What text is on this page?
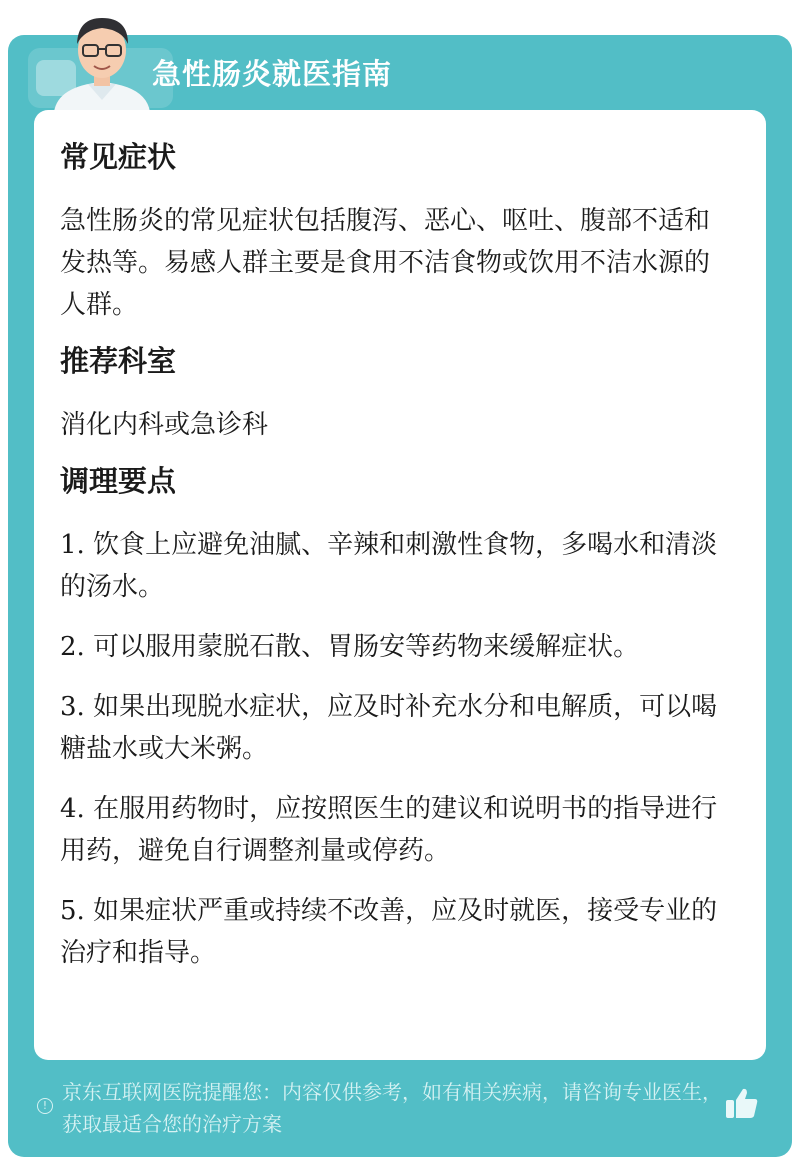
急性肠炎就医指南

常见症状

急性肠炎的常见症状包括腹泻、恶心、呕吐、腹部不适和发热等。易感人群主要是食用不洁食物或饮用不洁水源的人群。

推荐科室

消化内科或急诊科

调理要点

1. 饮食上应避免油腻、辛辣和刺激性食物，多喝水和清淡的汤水。

2. 可以服用蒙脱石散、胃肠安等药物来缓解症状。

3. 如果出现脱水症状，应及时补充水分和电解质，可以喝糖盐水或大米粥。

4. 在服用药物时，应按照医生的建议和说明书的指导进行用药，避免自行调整剂量或停药。

5. 如果症状严重或持续不改善，应及时就医，接受专业的治疗和指导。

!
京东互联网医院提醒您：内容仅供参考，如有相关疾病，请咨询专业医生，获取最适合您的治疗方案
